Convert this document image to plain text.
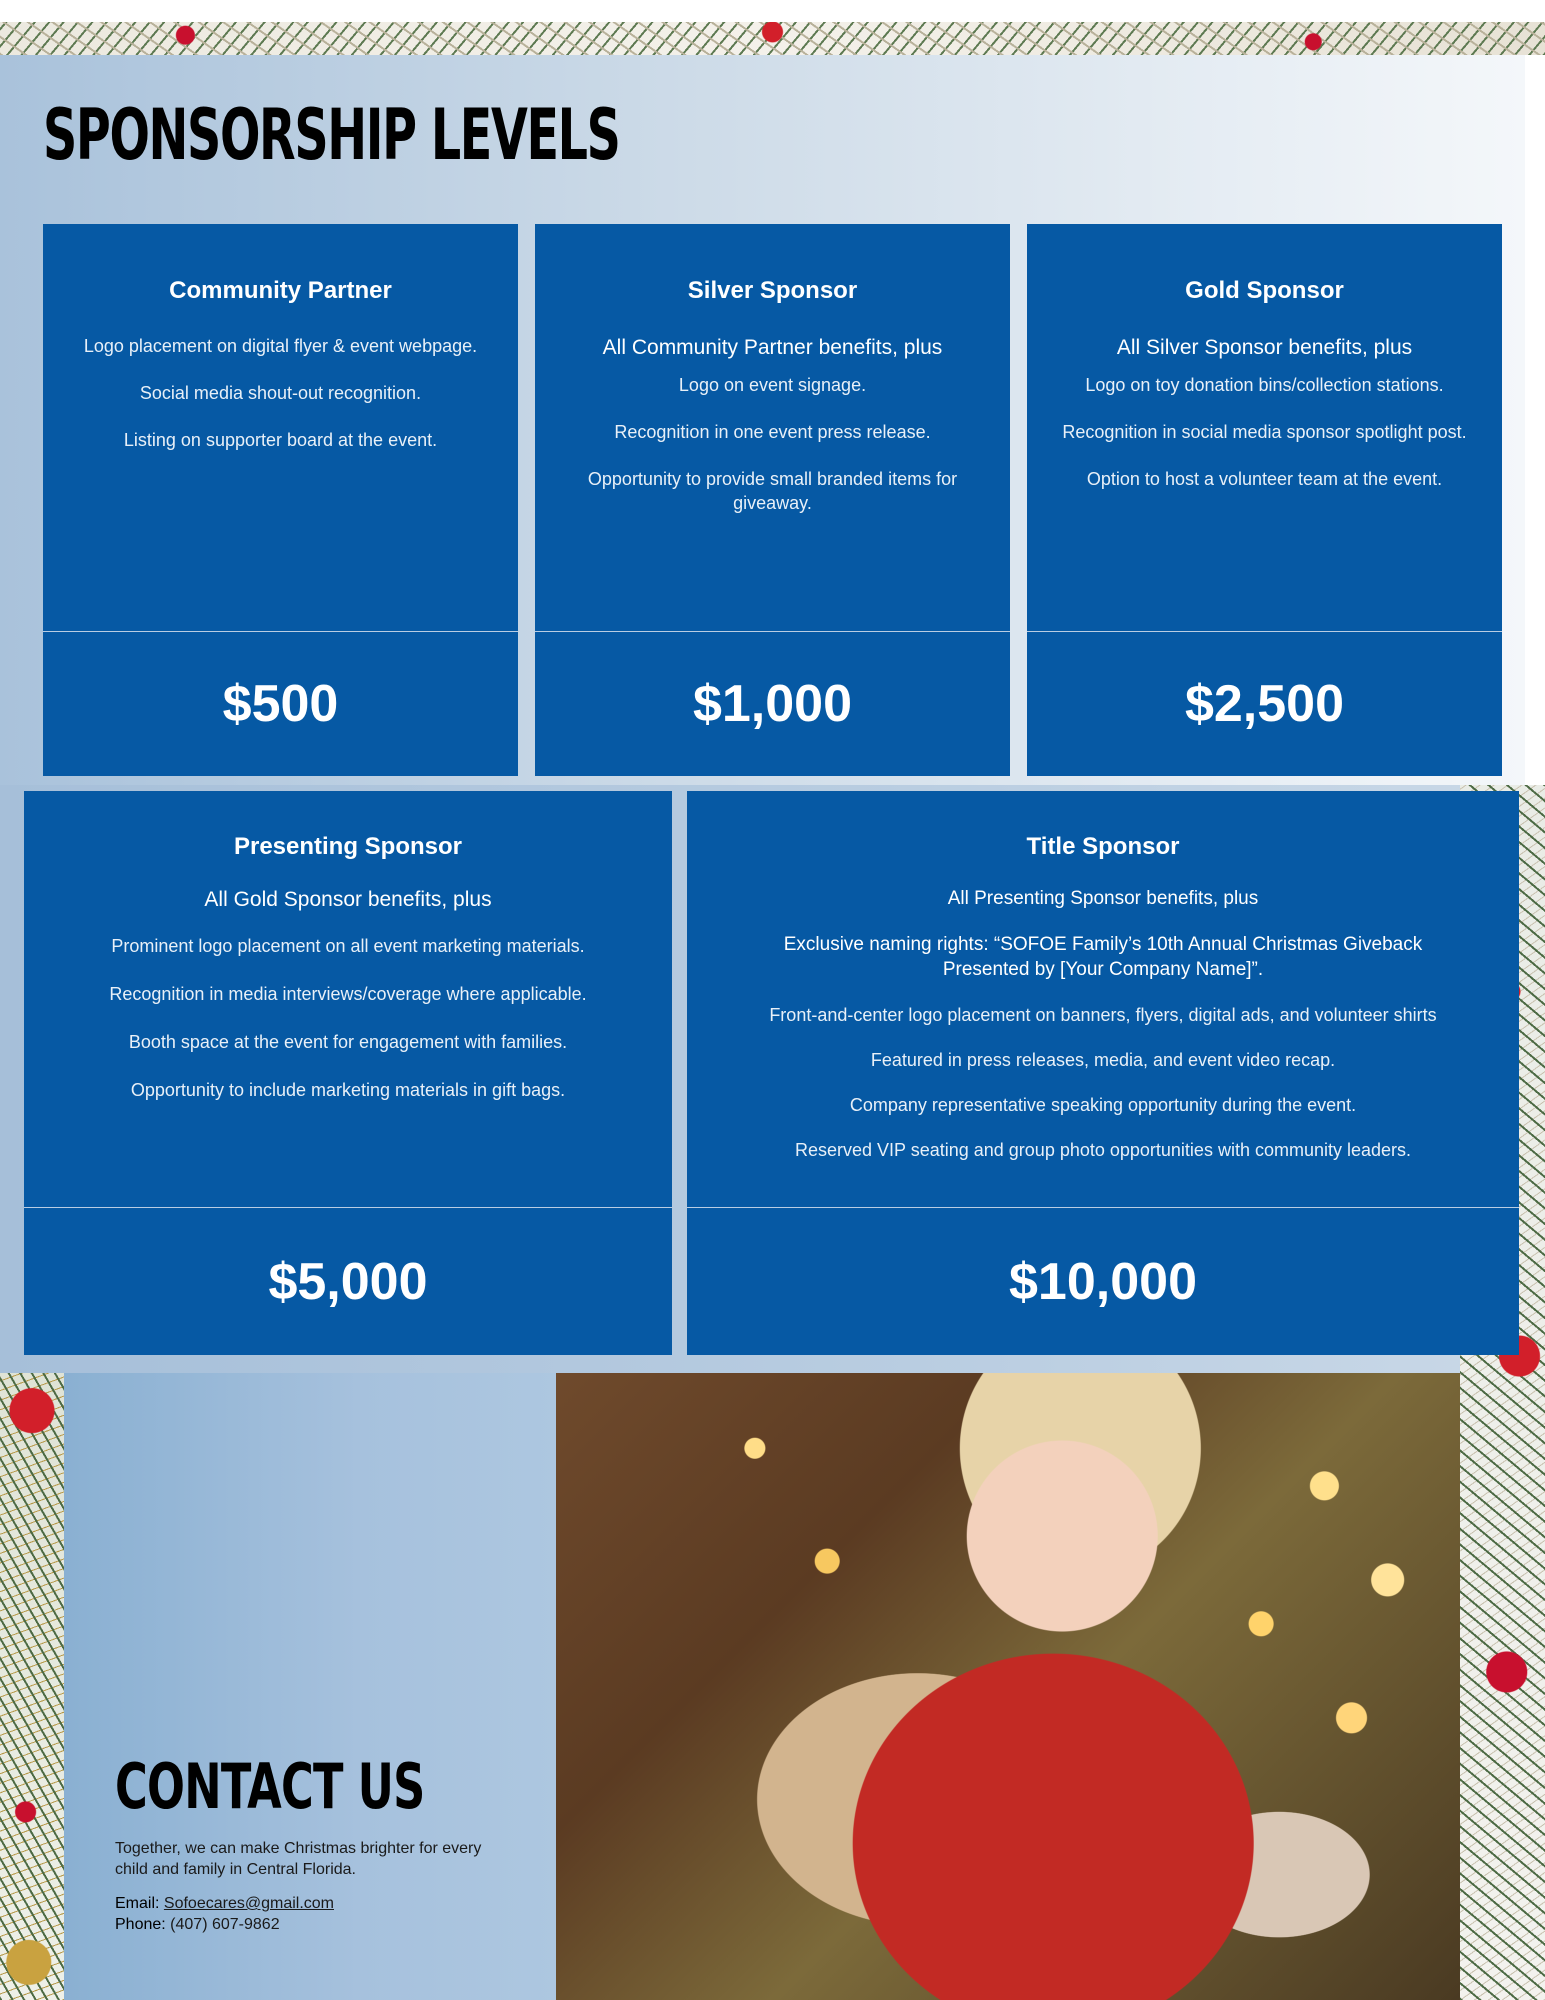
SPONSORSHIP LEVELS
Community Partner
Logo placement on digital flyer & event webpage.
Social media shout-out recognition.
Listing on supporter board at the event.
$500
Silver Sponsor
All Community Partner benefits, plus
Logo on event signage.
Recognition in one event press release.
Opportunity to provide small branded items for giveaway.
$1,000
Gold Sponsor
All Silver Sponsor benefits, plus
Logo on toy donation bins/collection stations.
Recognition in social media sponsor spotlight post.
Option to host a volunteer team at the event.
$2,500
Presenting Sponsor
All Gold Sponsor benefits, plus
Prominent logo placement on all event marketing materials.
Recognition in media interviews/coverage where applicable.
Booth space at the event for engagement with families.
Opportunity to include marketing materials in gift bags.
$5,000
Title Sponsor
All Presenting Sponsor benefits, plus
Exclusive naming rights: “SOFOE Family’s 10th Annual Christmas Giveback Presented by [Your Company Name]”.
Front-and-center logo placement on banners, flyers, digital ads, and volunteer shirts
Featured in press releases, media, and event video recap.
Company representative speaking opportunity during the event.
Reserved VIP seating and group photo opportunities with community leaders.
$10,000
CONTACT US

Together, we can make Christmas brighter for every child and family in Central Florida.

Email: Sofoecares@gmail.com
Phone: (407) 607-9862
